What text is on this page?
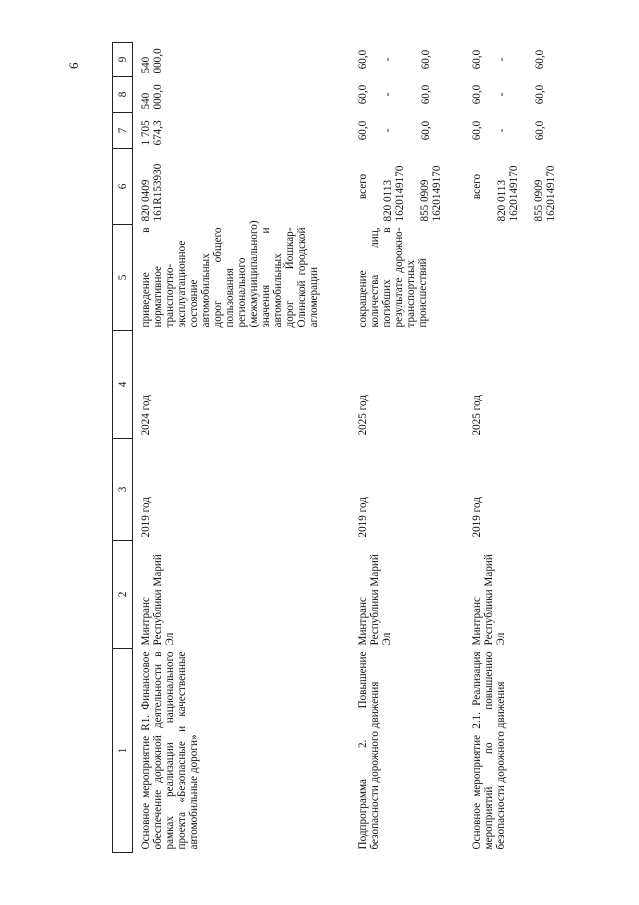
6
1	2	3	4	5	6	7	8	9
Основное мероприятие R1. Финансовое обеспечение дорожной деятельности в рамках реализации национального проекта «Безопасные и качественные автомобильные дороги»	Минтранс Республики Марий Эл	2019 год	2024 год	приведение в нормативное транспортно-эксплуатационное состояние автомобильных дорог общего пользования регионального (межмуниципального) значения и автомобильных дорог Йошкар-Олинской городской агломерации	820 0409 161R153930	1 705 674,3	540 000,0	540 000,0
Подпрограмма 2. Повышение безопасности дорожного движения	Минтранс Республики Марий Эл	2019 год	2025 год	сокращение количества лиц, погибших в результате дорожно-транспортных происшествий	всего 820 0113 1620149170 855 0909 1620149170	60,0 - 60,0	60,0 - 60,0	60,0 - 60,0

Основное мероприятие 2.1. Реализация мероприятий по повышению безопасности дорожного движения	Минтранс Республики Марий Эл	2019 год	2025 год		всего 820 0113 1620149170 855 0909 1620149170	60,0 - 60,0	60,0 - 60,0	60,0 - 60,0
